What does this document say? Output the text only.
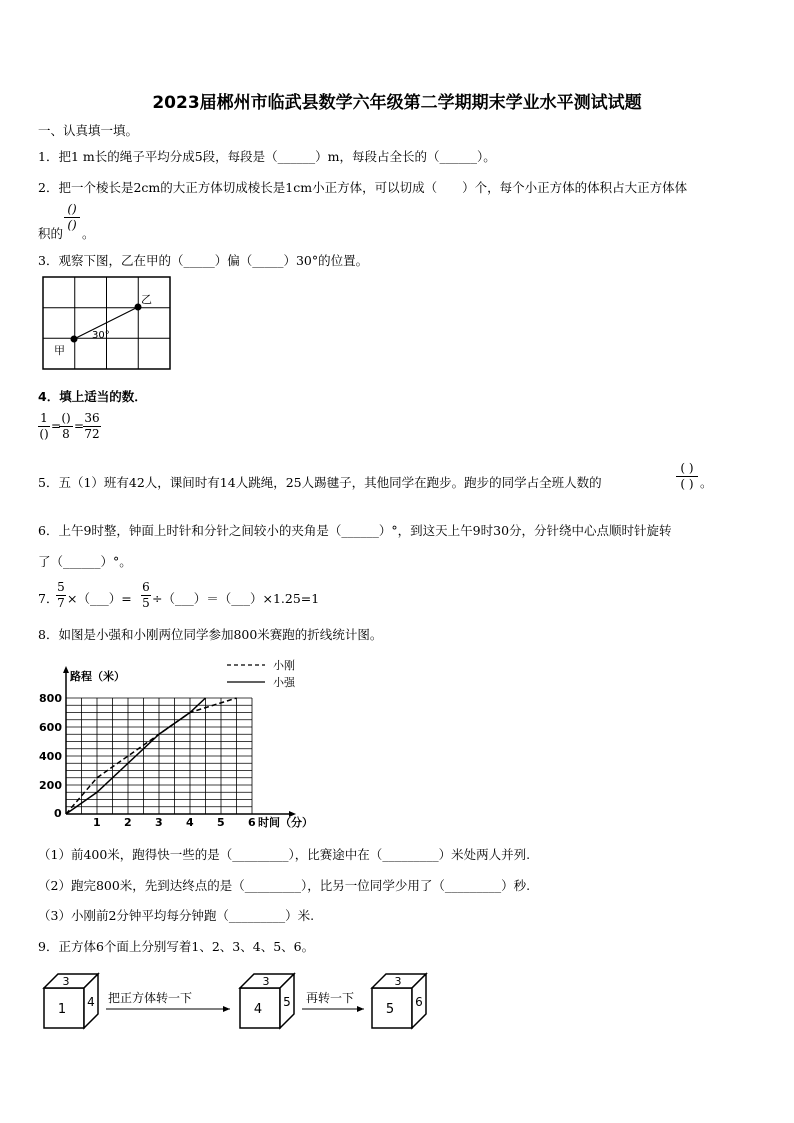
2023届郴州市临武县数学六年级第二学期期末学业水平测试试题
一、认真填一填。
1．把1 m长的绳子平均分成5段，每段是（______）m，每段占全长的（______）。
2．把一个棱长是2cm的大正方体切成棱长是1cm小正方体，可以切成（　　）个，每个小正方体的体积占大正方体体
积的
()
()
。
3．观察下图，乙在甲的（_____）偏（_____）30°的位置。
甲
乙
30°
4．填上适当的数．
1
()
=
()
8
=
36
72
5．五（1）班有42人，课间时有14人跳绳，25人踢毽子，其他同学在跑步。跑步的同学占全班人数的
( )
( ) 。
6．上午9时整，钟面上时针和分针之间较小的夹角是（______）°，到这天上午9时30分，分针绕中心点顺时针旋转
了（______）°。
7．
5
7 ×（___）=
6
5 ÷（___）＝（___）×1.25=1
8．如图是小强和小刚两位同学参加800米赛跑的折线统计图。
0
1 2 3 4 5 6
200
400
600
800
时间（分）
路程（米）
小刚
小强
（1）前400米，跑得快一些的是（_________），比赛途中在（_________）米处两人并列.
（2）跑完800米，先到达终点的是（_________），比另一位同学少用了（_________）秒.
（3）小刚前2分钟平均每分钟跑（_________）米.
9．正方体6个面上分别写着1、2、3、4、5、6。
3
1 4 把正方体转一下
3
4 5 再转一下
3
5 6
